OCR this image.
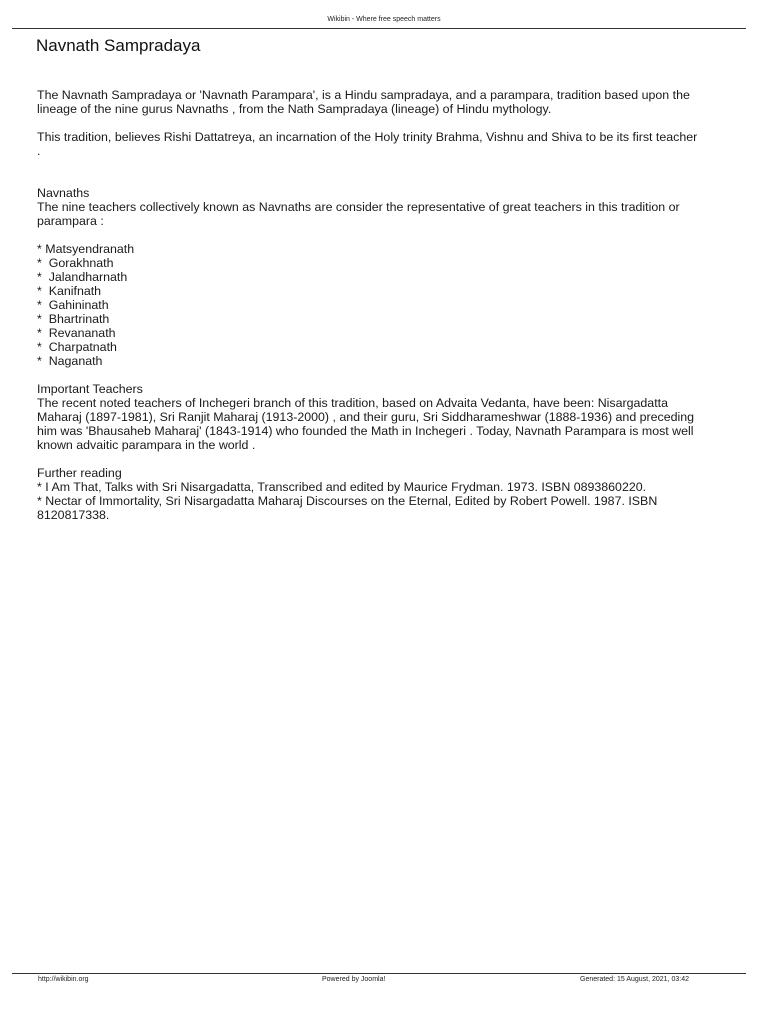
Wikibin - Where free speech matters
Navnath Sampradaya

The Navnath Sampradaya or 'Navnath Parampara', is a Hindu sampradaya, and a parampara, tradition based upon the
lineage of the nine gurus Navnaths , from the Nath Sampradaya (lineage) of Hindu mythology.

This tradition, believes Rishi Dattatreya, an incarnation of the Holy trinity Brahma, Vishnu and Shiva to be its first teacher
.

Navnaths
The nine teachers collectively known as Navnaths are consider the representative of great teachers in this tradition or
parampara :

* Matsyendranath
*  Gorakhnath
*  Jalandharnath
*  Kanifnath
*  Gahininath
*  Bhartrinath
*  Revananath
*  Charpatnath
*  Naganath

Important Teachers
The recent noted teachers of Inchegeri branch of this tradition, based on Advaita Vedanta, have been: Nisargadatta
Maharaj (1897-1981), Sri Ranjit Maharaj (1913-2000) , and their guru, Sri Siddharameshwar (1888-1936) and preceding
him was 'Bhausaheb Maharaj' (1843-1914) who founded the Math in Inchegeri . Today, Navnath Parampara is most well
known advaitic parampara in the world .

Further reading
* I Am That, Talks with Sri Nisargadatta, Transcribed and edited by Maurice Frydman. 1973. ISBN 0893860220.
* Nectar of Immortality, Sri Nisargadatta Maharaj Discourses on the Eternal, Edited by Robert Powell. 1987. ISBN
8120817338.

http://wikibin.org	Powered by Joomla!	Generated: 15 August, 2021, 03:42
